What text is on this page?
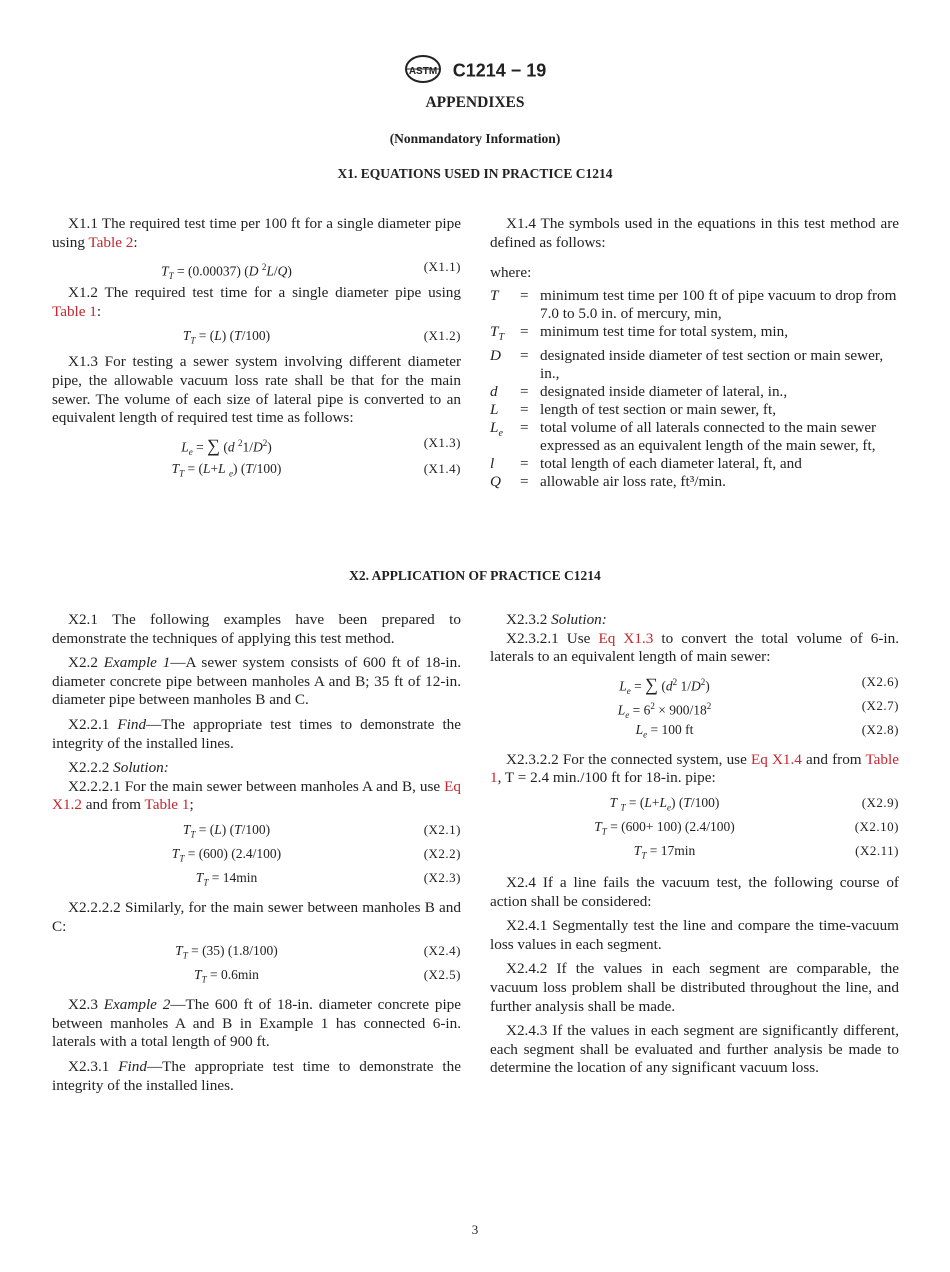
ASTM C1214 − 19
APPENDIXES
(Nonmandatory Information)
X1. EQUATIONS USED IN PRACTICE C1214

X1.1 The required test time per 100 ft for a single diameter pipe using Table 2:

$T_T = (0.00037)$ (D $^2$L/Q)	(X1.1)

X1.2 The required test time for a single diameter pipe using Table 1:

$T_T = (L)$ (T/100)	(X1.2)

X1.3 For testing a sewer system involving different diameter pipe, the allowable vacuum loss rate shall be that for the main sewer. The volume of each size of lateral pipe is converted to an equivalent length of required test time as follows:

$L_e$ = ∑ (d $^21/D^2$)	(X1.3)
$T_T = (L+L$ $_e$) (T/100)	(X1.4)

X1.4 The symbols used in the equations in this test method are defined as follows:

where:

T	= minimum test time per 100 ft of pipe vacuum to drop from 7.0 to 5.0 in. of mercury, min,
$T_T$	= minimum test time for total system, min,
D	= designated inside diameter of test section or main sewer, in.,
d	= designated inside diameter of lateral, in.,
L	= length of test section or main sewer, ft,
$L_e$	= total volume of all laterals connected to the main sewer expressed as an equivalent length of the main sewer, ft,
l	= total length of each diameter lateral, ft, and
Q	= allowable air loss rate, ft³/min.
X2. APPLICATION OF PRACTICE C1214

X2.1 The following examples have been prepared to demonstrate the techniques of applying this test method.

X2.2 Example 1—A sewer system consists of 600 ft of 18-in. diameter concrete pipe between manholes A and B; 35 ft of 12-in. diameter pipe between manholes B and C.

X2.2.1 Find—The appropriate test times to demonstrate the integrity of the installed lines.

X2.2.2 Solution:

X2.2.2.1 For the main sewer between manholes A and B, use Eq X1.2 and from Table 1;

$T_T = (L)$ (T/100)	(X2.1)
$T_T = (600)$ (2.4/100)	(X2.2)
$T_T = 14\min$	(X2.3)

X2.2.2.2 Similarly, for the main sewer between manholes B and C:

$T_T = (35)$ (1.8/100)	(X2.4)
$T_T = 0.6\min$	(X2.5)

X2.3 Example 2—The 600 ft of 18-in. diameter concrete pipe between manholes A and B in Example 1 has connected 6-in. laterals with a total length of 900 ft.

X2.3.1 Find—The appropriate test time to demonstrate the integrity of the installed lines.

X2.3.2 Solution:

X2.3.2.1 Use Eq X1.3 to convert the total volume of 6-in. laterals to an equivalent length of main sewer:

$L_e$ = ∑ ($d^2$ $1/D^2$)	(X2.6)
$L_e = 6^2 \times 900/18^2$	(X2.7)
$L_e = 100$ ft	(X2.8)

X2.3.2.2 For the connected system, use Eq X1.4 and from Table 1, T = 2.4 min./100 ft for 18-in. pipe:

T $_T = (L+L_e)$ (T/100)	(X2.9)
$T_T = (600+ 100)$ (2.4/100)	(X2.10)
$T_T = 17\min$	(X2.11)

X2.4 If a line fails the vacuum test, the following course of action shall be considered:

X2.4.1 Segmentally test the line and compare the time-vacuum loss values in each segment.

X2.4.2 If the values in each segment are comparable, the vacuum loss problem shall be distributed throughout the line, and further analysis shall be made.

X2.4.3 If the values in each segment are significantly different, each segment shall be evaluated and further analysis be made to determine the location of any significant vacuum loss.

3
